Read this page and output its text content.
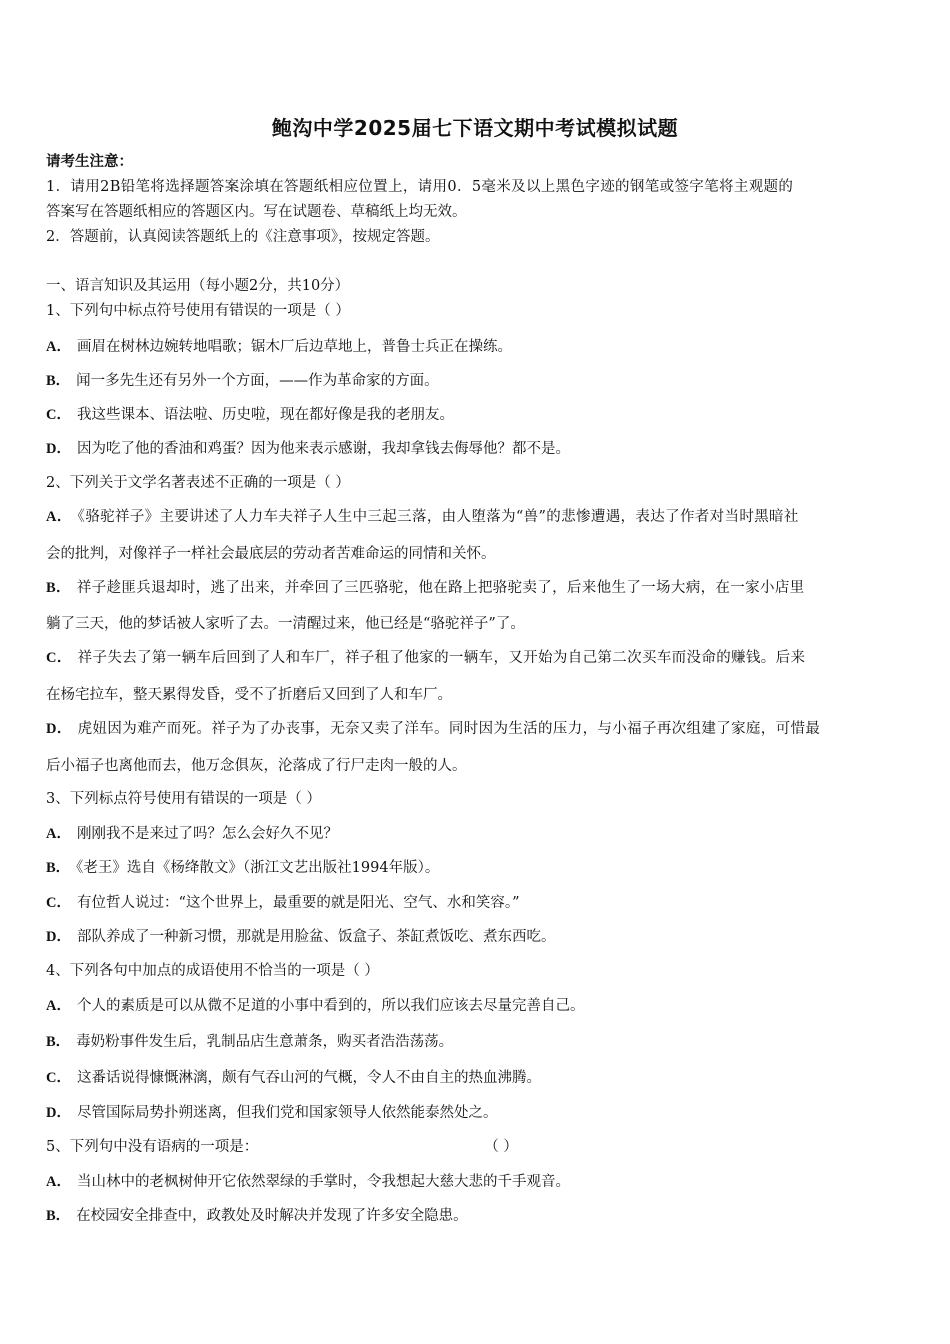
鲍沟中学2025届七下语文期中考试模拟试题
请考生注意：
1．请用2B铅笔将选择题答案涂填在答题纸相应位置上，请用0．5毫米及以上黑色字迹的钢笔或签字笔将主观题的
答案写在答题纸相应的答题区内。写在试题卷、草稿纸上均无效。
2．答题前，认真阅读答题纸上的《注意事项》，按规定答题。
一、语言知识及其运用（每小题2分，共10分）
1、下列句中标点符号使用有错误的一项是（ ）
A． 画眉在树林边婉转地唱歌；锯木厂后边草地上，普鲁士兵正在操练。
B． 闻一多先生还有另外一个方面，——作为革命家的方面。
C． 我这些课本、语法啦、历史啦，现在都好像是我的老朋友。
D． 因为吃了他的香油和鸡蛋？因为他来表示感谢，我却拿钱去侮辱他？都不是。
2、下列关于文学名著表述不正确的一项是（ ）
A． 《骆驼祥子》主要讲述了人力车夫祥子人生中三起三落，由人堕落为“兽”的悲惨遭遇，表达了作者对当时黑暗社
会的批判，对像祥子一样社会最底层的劳动者苦难命运的同情和关怀。
B． 祥子趁匪兵退却时，逃了出来，并牵回了三匹骆驼，他在路上把骆驼卖了，后来他生了一场大病，在一家小店里
躺了三天，他的梦话被人家听了去。一清醒过来，他已经是“骆驼祥子”了。
C． 祥子失去了第一辆车后回到了人和车厂，祥子租了他家的一辆车，又开始为自己第二次买车而没命的赚钱。后来
在杨宅拉车，整天累得发昏，受不了折磨后又回到了人和车厂。
D． 虎妞因为难产而死。祥子为了办丧事，无奈又卖了洋车。同时因为生活的压力，与小福子再次组建了家庭，可惜最
后小福子也离他而去，他万念俱灰，沦落成了行尸走肉一般的人。
3、下列标点符号使用有错误的一项是（ ）
A． 刚刚我不是来过了吗？怎么会好久不见？
B． 《老王》选自《杨绛散文》（浙江文艺出版社1994年版）。
C． 有位哲人说过：“这个世界上，最重要的就是阳光、空气、水和笑容。”
D． 部队养成了一种新习惯，那就是用脸盆、饭盒子、茶缸煮饭吃、煮东西吃。
4、下列各句中加点的成语使用不恰当的一项是（ ）
A． 个人的素质是可以从微不足道的小事中看到的，所以我们应该去尽量完善自己。
B． 毒奶粉事件发生后，乳制品店生意萧条，购买者浩浩荡荡。
C． 这番话说得慷慨淋漓，颇有气吞山河的气概，令人不由自主的热血沸腾。
D． 尽管国际局势扑朔迷离，但我们党和国家领导人依然能泰然处之。
5、下列句中没有语病的一项是：	（ ）
A． 当山林中的老枫树伸开它依然翠绿的手掌时，令我想起大慈大悲的千手观音。
B． 在校园安全排查中，政教处及时解决并发现了许多安全隐患。
